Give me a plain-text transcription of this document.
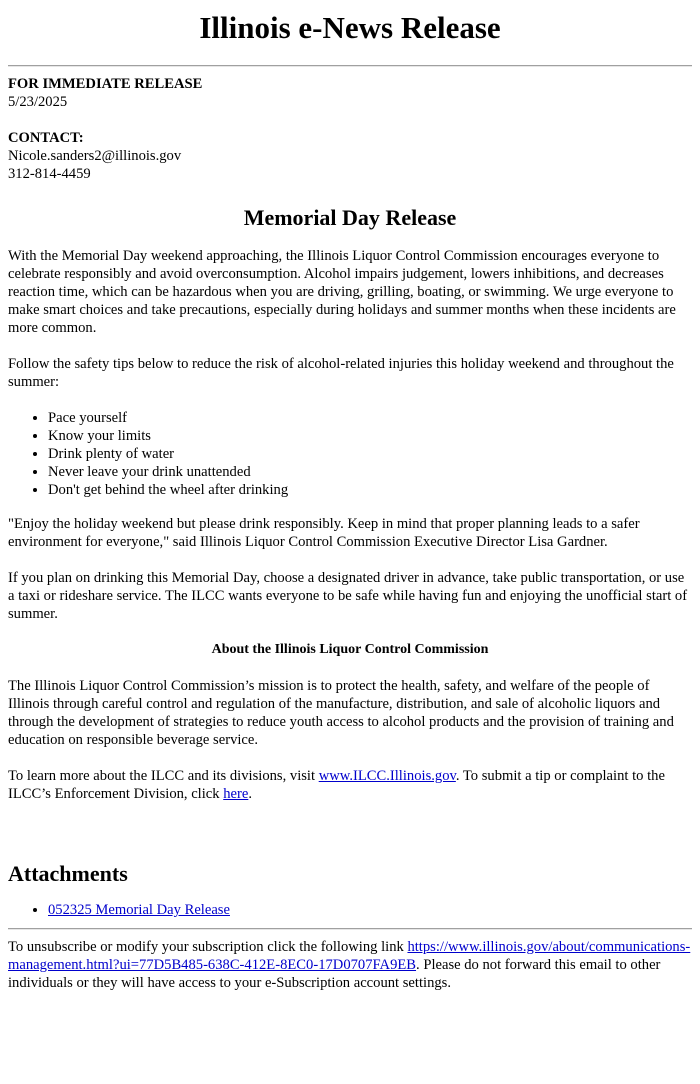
Illinois e-News Release
FOR IMMEDIATE RELEASE
5/23/2025
CONTACT:
Nicole.sanders2@illinois.gov
312-814-4459
Memorial Day Release

With the Memorial Day weekend approaching, the Illinois Liquor Control Commission encourages everyone to celebrate responsibly and avoid overconsumption. Alcohol impairs judgement, lowers inhibitions, and decreases reaction time, which can be hazardous when you are driving, grilling, boating, or swimming. We urge everyone to make smart choices and take precautions, especially during holidays and summer months when these incidents are more common.

Follow the safety tips below to reduce the risk of alcohol-related injuries this holiday weekend and throughout the summer:

• Pace yourself
• Know your limits
• Drink plenty of water
• Never leave your drink unattended
• Don't get behind the wheel after drinking

"Enjoy the holiday weekend but please drink responsibly. Keep in mind that proper planning leads to a safer environment for everyone," said Illinois Liquor Control Commission Executive Director Lisa Gardner.

If you plan on drinking this Memorial Day, choose a designated driver in advance, take public transportation, or use a taxi or rideshare service. The ILCC wants everyone to be safe while having fun and enjoying the unofficial start of summer.

About the Illinois Liquor Control Commission

The Illinois Liquor Control Commission’s mission is to protect the health, safety, and welfare of the people of Illinois through careful control and regulation of the manufacture, distribution, and sale of alcoholic liquors and through the development of strategies to reduce youth access to alcohol products and the provision of training and education on responsible beverage service.

To learn more about the ILCC and its divisions, visit www.ILCC.Illinois.gov. To submit a tip or complaint to the ILCC’s Enforcement Division, click here.

Attachments
• 052325 Memorial Day Release
To unsubscribe or modify your subscription click the following link https://www.illinois.gov/about/communications-management.html?ui=77D5B485-638C-412E-8EC0-17D0707FA9EB. Please do not forward this email to other individuals or they will have access to your e-Subscription account settings.
